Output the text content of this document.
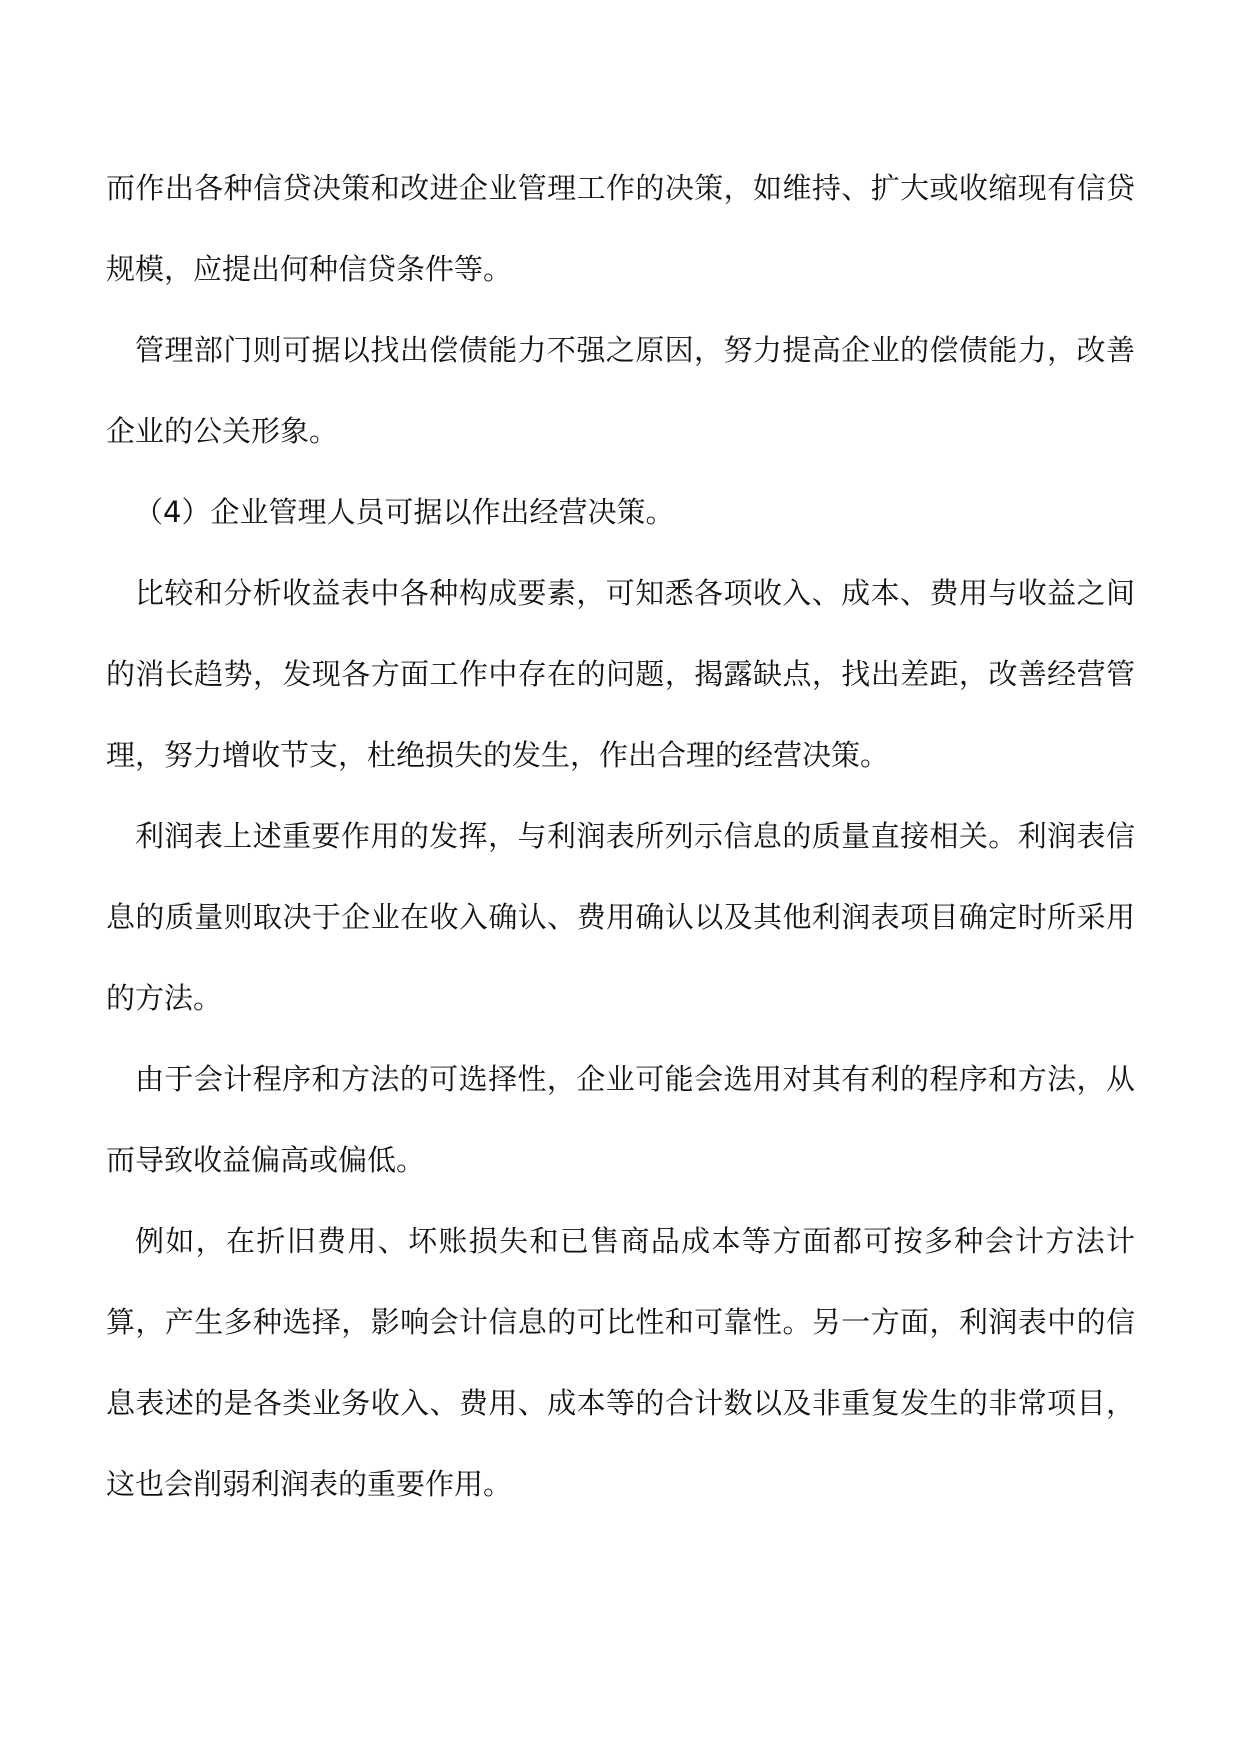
而作出各种信贷决策和改进企业管理工作的决策，如维持、扩大或收缩现有信贷规模，应提出何种信贷条件等。

管理部门则可据以找出偿债能力不强之原因，努力提高企业的偿债能力，改善企业的公关形象。

（4）企业管理人员可据以作出经营决策。

比较和分析收益表中各种构成要素，可知悉各项收入、成本、费用与收益之间的消长趋势，发现各方面工作中存在的问题，揭露缺点，找出差距，改善经营管理，努力增收节支，杜绝损失的发生，作出合理的经营决策。

利润表上述重要作用的发挥，与利润表所列示信息的质量直接相关。利润表信息的质量则取决于企业在收入确认、费用确认以及其他利润表项目确定时所采用的方法。

由于会计程序和方法的可选择性，企业可能会选用对其有利的程序和方法，从而导致收益偏高或偏低。

例如，在折旧费用、坏账损失和已售商品成本等方面都可按多种会计方法计算，产生多种选择，影响会计信息的可比性和可靠性。另一方面，利润表中的信息表述的是各类业务收入、费用、成本等的合计数以及非重复发生的非常项目，这也会削弱利润表的重要作用。
